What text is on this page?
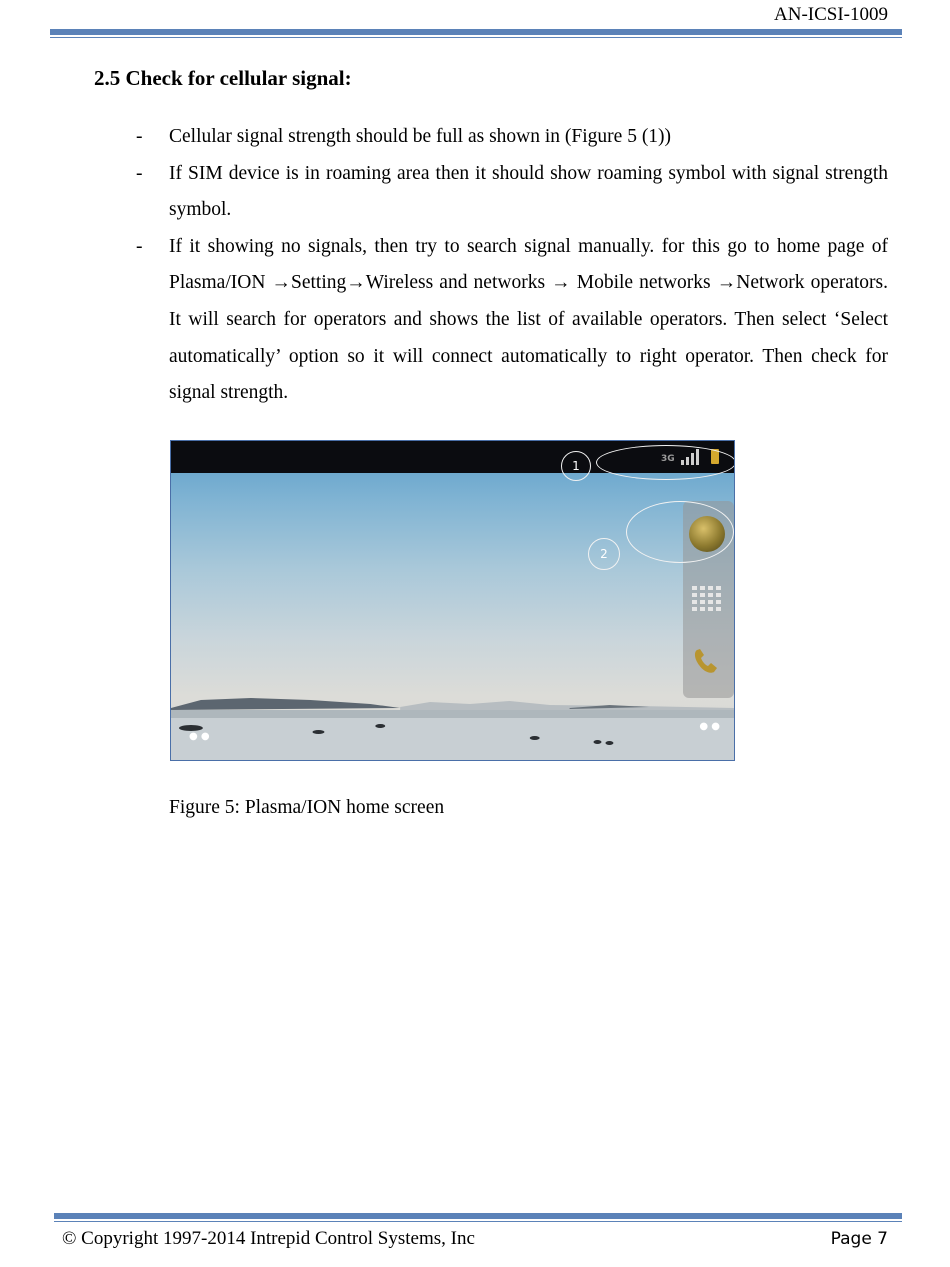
AN-ICSI-1009
2.5 Check for cellular signal:
-	Cellular signal strength should be full as shown in (Figure 5 (1))
-	If SIM device is in roaming area then it should show roaming symbol with signal strength symbol.
-	If it showing no signals, then try to search signal manually. for this go to home page of Plasma/ION →Setting→Wireless and networks → Mobile networks →Network operators. It will search for operators and shows the list of available operators. Then select ‘Select automatically’ option so it will connect automatically to right operator. Then check for signal strength.
3G
1
2
● ●
● ●

Figure 5: Plasma/ION home screen

© Copyright 1997-2014 Intrepid Control Systems, Inc	Page 7
